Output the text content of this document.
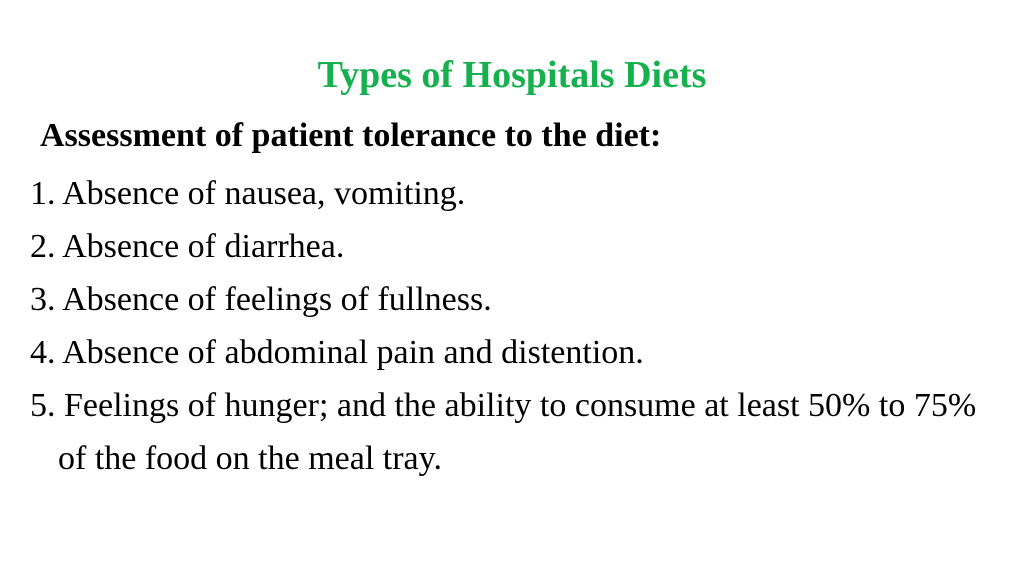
Types of Hospitals Diets

Assessment of patient tolerance to the diet:

1. Absence of nausea, vomiting.
2. Absence of diarrhea.
3. Absence of feelings of fullness.
4. Absence of abdominal pain and distention.
5. Feelings of hunger; and the ability to consume at least 50% to 75% of the food on the meal tray.
